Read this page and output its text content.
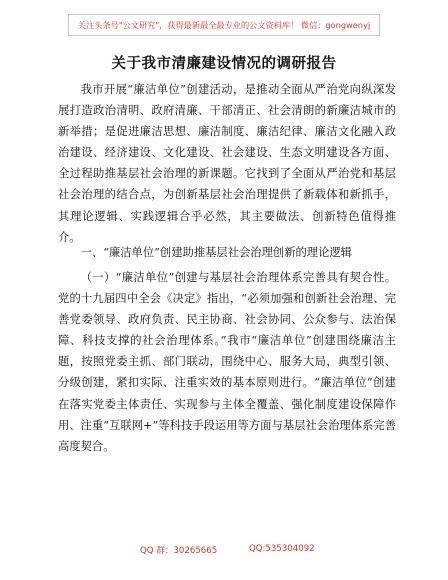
关注头条号"公文研究"，获得最新最全最专业的公文资料库！ 微信：gongwenyj
关于我市清廉建设情况的调研报告

我市开展“廉洁单位”创建活动，是推动全面从严治党向纵深发展打造政治清明、政府清廉、干部清正、社会清朗的新廉洁城市的新举措；是促进廉洁思想、廉洁制度、廉洁纪律、廉洁文化融入政治建设、经济建设、文化建设、社会建设、生态文明建设各方面、全过程助推基层社会治理的新课题。它找到了全面从严治党和基层社会治理的结合点，为创新基层社会治理提供了新载体和新抓手，其理论逻辑、实践逻辑合乎必然，其主要做法、创新特色值得推介。

一、“廉洁单位”创建助推基层社会治理创新的理论逻辑

（一）“廉洁单位”创建与基层社会治理体系完善具有契合性。党的十九届四中全会《决定》指出，“必须加强和创新社会治理、完善党委领导、政府负责、民主协商、社会协同、公众参与、法治保障、科技支撑的社会治理体系。”我市“廉洁单位”创建围绕廉洁主题，按照党委主抓、部门联动，围绕中心、服务大局，典型引领、分级创建，紧扣实际、注重实效的基本原则进行。“廉洁单位”创建在落实党委主体责任、实现参与主体全覆盖、强化制度建设保障作用、注重“互联网+”等科技手段运用等方面与基层社会治理体系完善高度契合。

QQ 群：30265665	QQ:535304092
